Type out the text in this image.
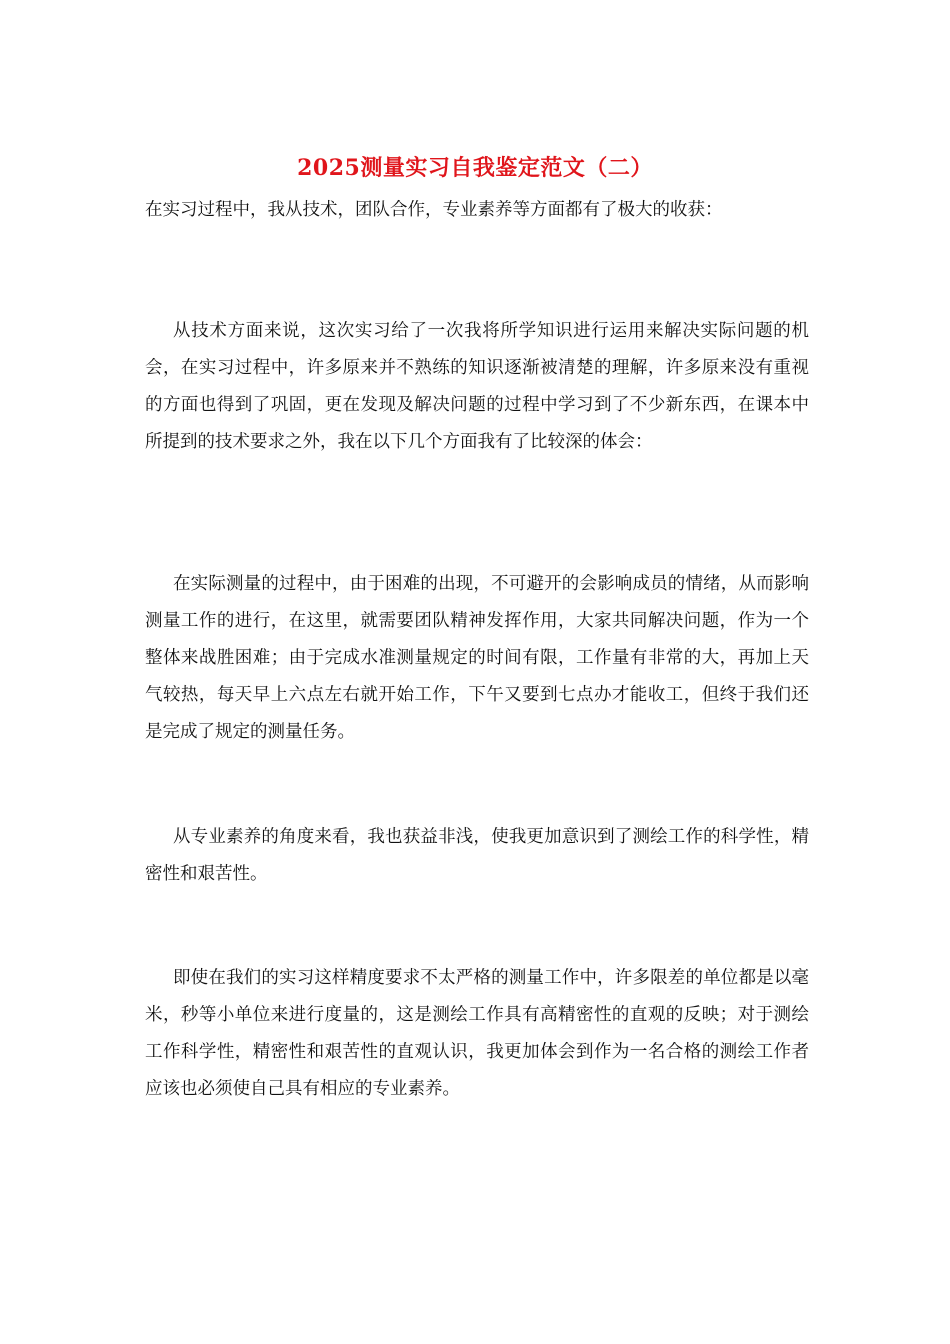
2025测量实习自我鉴定范文（二）
在实习过程中，我从技术，团队合作，专业素养等方面都有了极大的收获：

从技术方面来说，这次实习给了一次我将所学知识进行运用来解决实际问题的机会，在实习过程中，许多原来并不熟练的知识逐渐被清楚的理解，许多原来没有重视的方面也得到了巩固，更在发现及解决问题的过程中学习到了不少新东西，在课本中所提到的技术要求之外，我在以下几个方面我有了比较深的体会：

在实际测量的过程中，由于困难的出现，不可避开的会影响成员的情绪，从而影响测量工作的进行，在这里，就需要团队精神发挥作用，大家共同解决问题，作为一个整体来战胜困难；由于完成水准测量规定的时间有限，工作量有非常的大，再加上天气较热，每天早上六点左右就开始工作，下午又要到七点办才能收工，但终于我们还是完成了规定的测量任务。

从专业素养的角度来看，我也获益非浅，使我更加意识到了测绘工作的科学性，精密性和艰苦性。

即使在我们的实习这样精度要求不太严格的测量工作中，许多限差的单位都是以毫米，秒等小单位来进行度量的，这是测绘工作具有高精密性的直观的反映；对于测绘工作科学性，精密性和艰苦性的直观认识，我更加体会到作为一名合格的测绘工作者应该也必须使自己具有相应的专业素养。
